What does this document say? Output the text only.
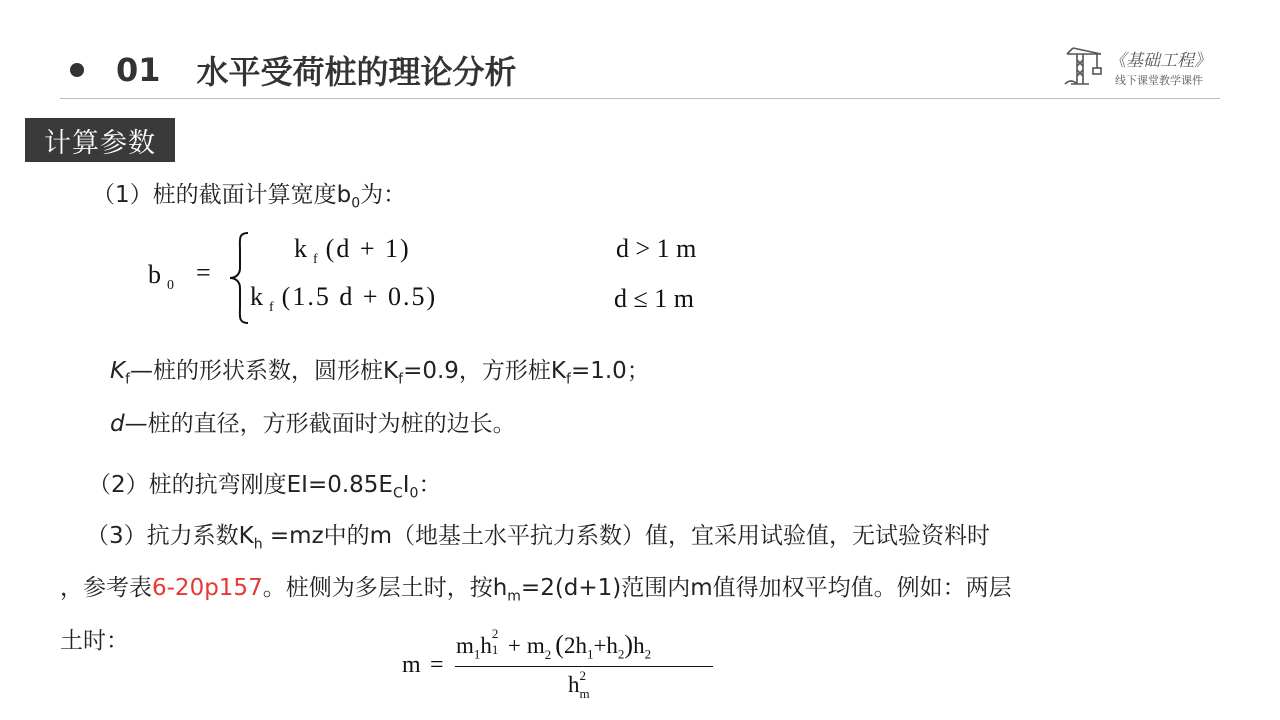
01 水平受荷桩的理论分析	《基础工程》
线下课堂教学课件
计算参数
（1）桩的截面计算宽度$b_0$为：
b $_0$ =
k $_f$ (d + 1)	d > 1 m
k $_f$ (1.5 d + 0.5)	d ≤ 1 m
$K_f—$桩的形状系数，圆形桩$K_f=0.9$，方形桩$K_f=1.0$；
d—桩的直径，方形截面时为桩的边长。
（2）桩的抗弯刚度$EI=0.85E_CI_0$：
（3）抗力系数$K_h =mz$中的m（地基土水平抗力系数）值，宜采用试验值，无试验资料时
，参考表6-20p157。桩侧为多层土时，按$h_m=2(d+1)$范围内m值得加权平均值。例如：两层
土时：
m =
$m_1h$ 2
$1 + m_2$ $(2h_1+h_2)h_2$
h 2
m
